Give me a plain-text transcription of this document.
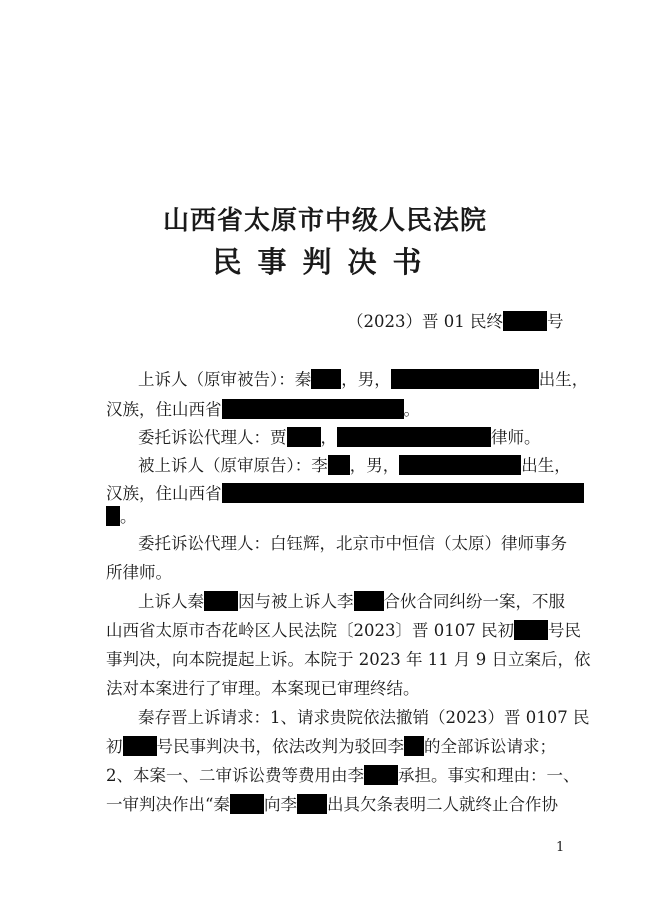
山西省太原市中级人民法院
民事判决书
（2023）晋 01 民终	号
上诉人（原审被告）：秦 ，男，	出生，
汉族，住山西省	。
委托诉讼代理人：贾 ，	律师。
被上诉人（原审原告）：李 ，男，	出生，
汉族，住山西省
。
委托诉讼代理人：白钰辉，北京市中恒信（太原）律师事务
所律师。
上诉人秦 因与被上诉人李 合伙合同纠纷一案，不服
山西省太原市杏花岭区人民法院〔2023〕晋 0107 民初 号民
事判决，向本院提起上诉。本院于 2023 年 11 月 9 日立案后，依
法对本案进行了审理。本案现已审理终结。
秦存晋上诉请求：1、请求贵院依法撤销（2023）晋 0107 民
初 号民事判决书，依法改判为驳回李 的全部诉讼请求；
2、本案一、二审诉讼费等费用由李 承担。事实和理由：一、
一审判决作出“秦 向李 出具欠条表明二人就终止合作协
1
